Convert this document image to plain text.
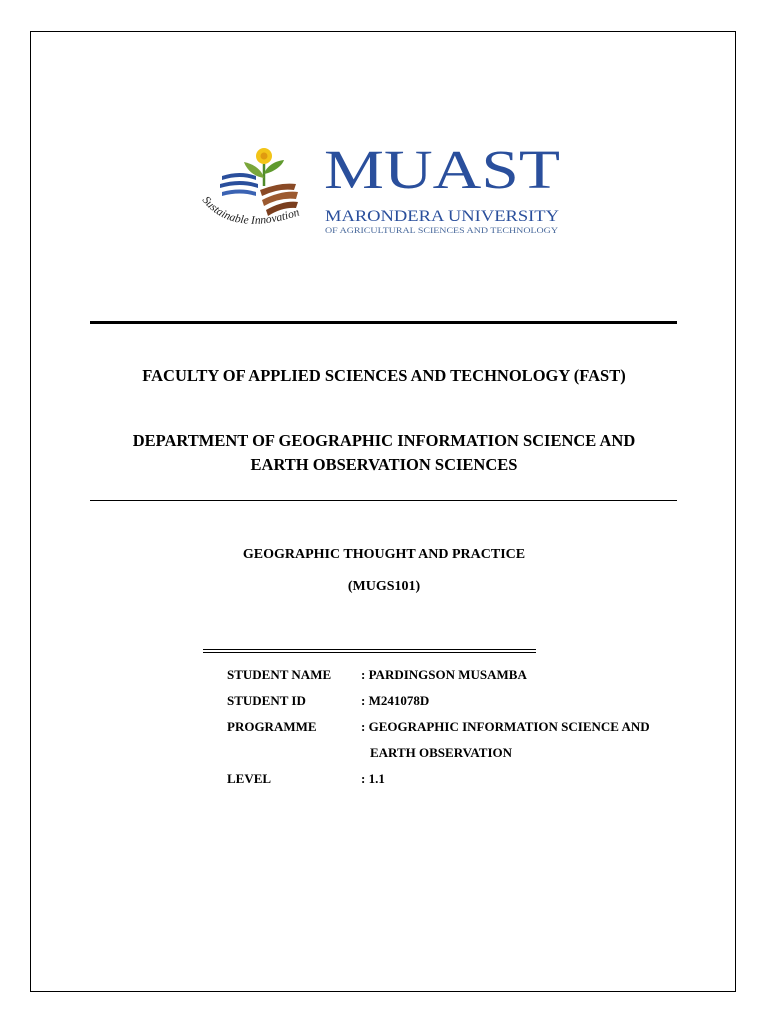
Sustainable Innovation
MUAST
MARONDERA UNIVERSITY
OF AGRICULTURAL SCIENCES AND TECHNOLOGY
FACULTY OF APPLIED SCIENCES AND TECHNOLOGY (FAST)
DEPARTMENT OF GEOGRAPHIC INFORMATION SCIENCE AND
EARTH OBSERVATION SCIENCES
GEOGRAPHIC THOUGHT AND PRACTICE
(MUGS101)
STUDENT NAME	: PARDINGSON MUSAMBA
STUDENT ID	: M241078D
PROGRAMME	: GEOGRAPHIC INFORMATION SCIENCE AND
EARTH OBSERVATION
LEVEL	: 1.1
